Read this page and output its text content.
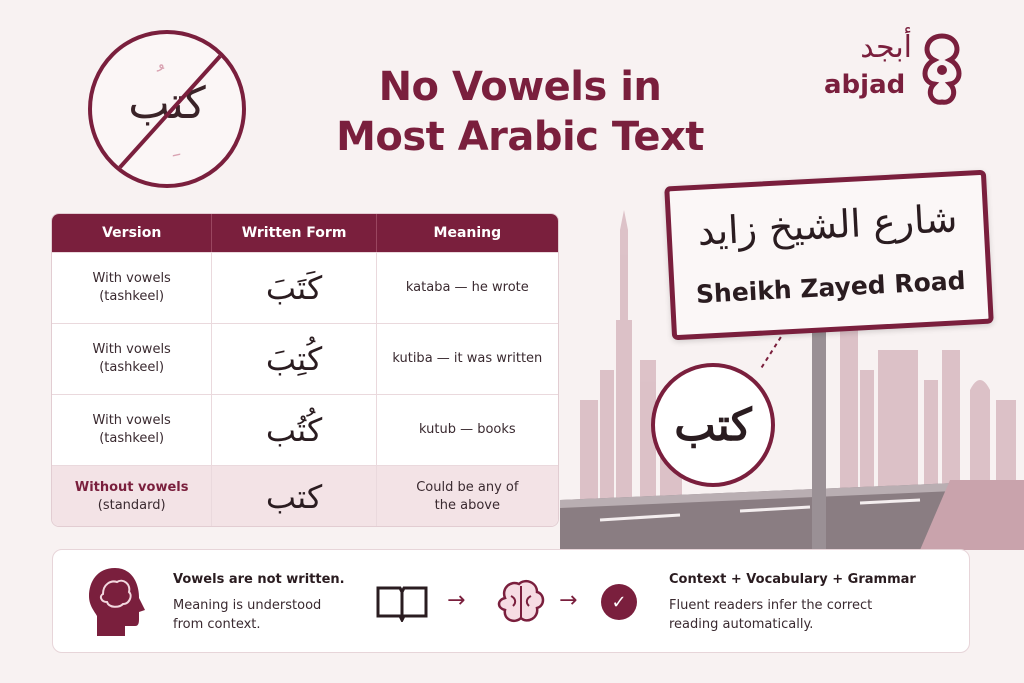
كتب	No Vowels in
Most Arabic Text
أبجد
abjad
Version	Written Form	Meaning
With vowels
(tashkeel)	كَتَبَ	kataba — he wrote
With vowels
(tashkeel)	كُتِبَ	kutiba — it was written
With vowels
(tashkeel)	كُتُب	kutub — books
Without vowels
(standard)	كتب	Could be any of
the above
شارع الشيخ زايد
Sheikh Zayed Road
كتب
Vowels are not written.
Meaning is understood
from context.
→	→	✓
Context + Vocabulary + Grammar
Fluent readers infer the correct
reading automatically.
